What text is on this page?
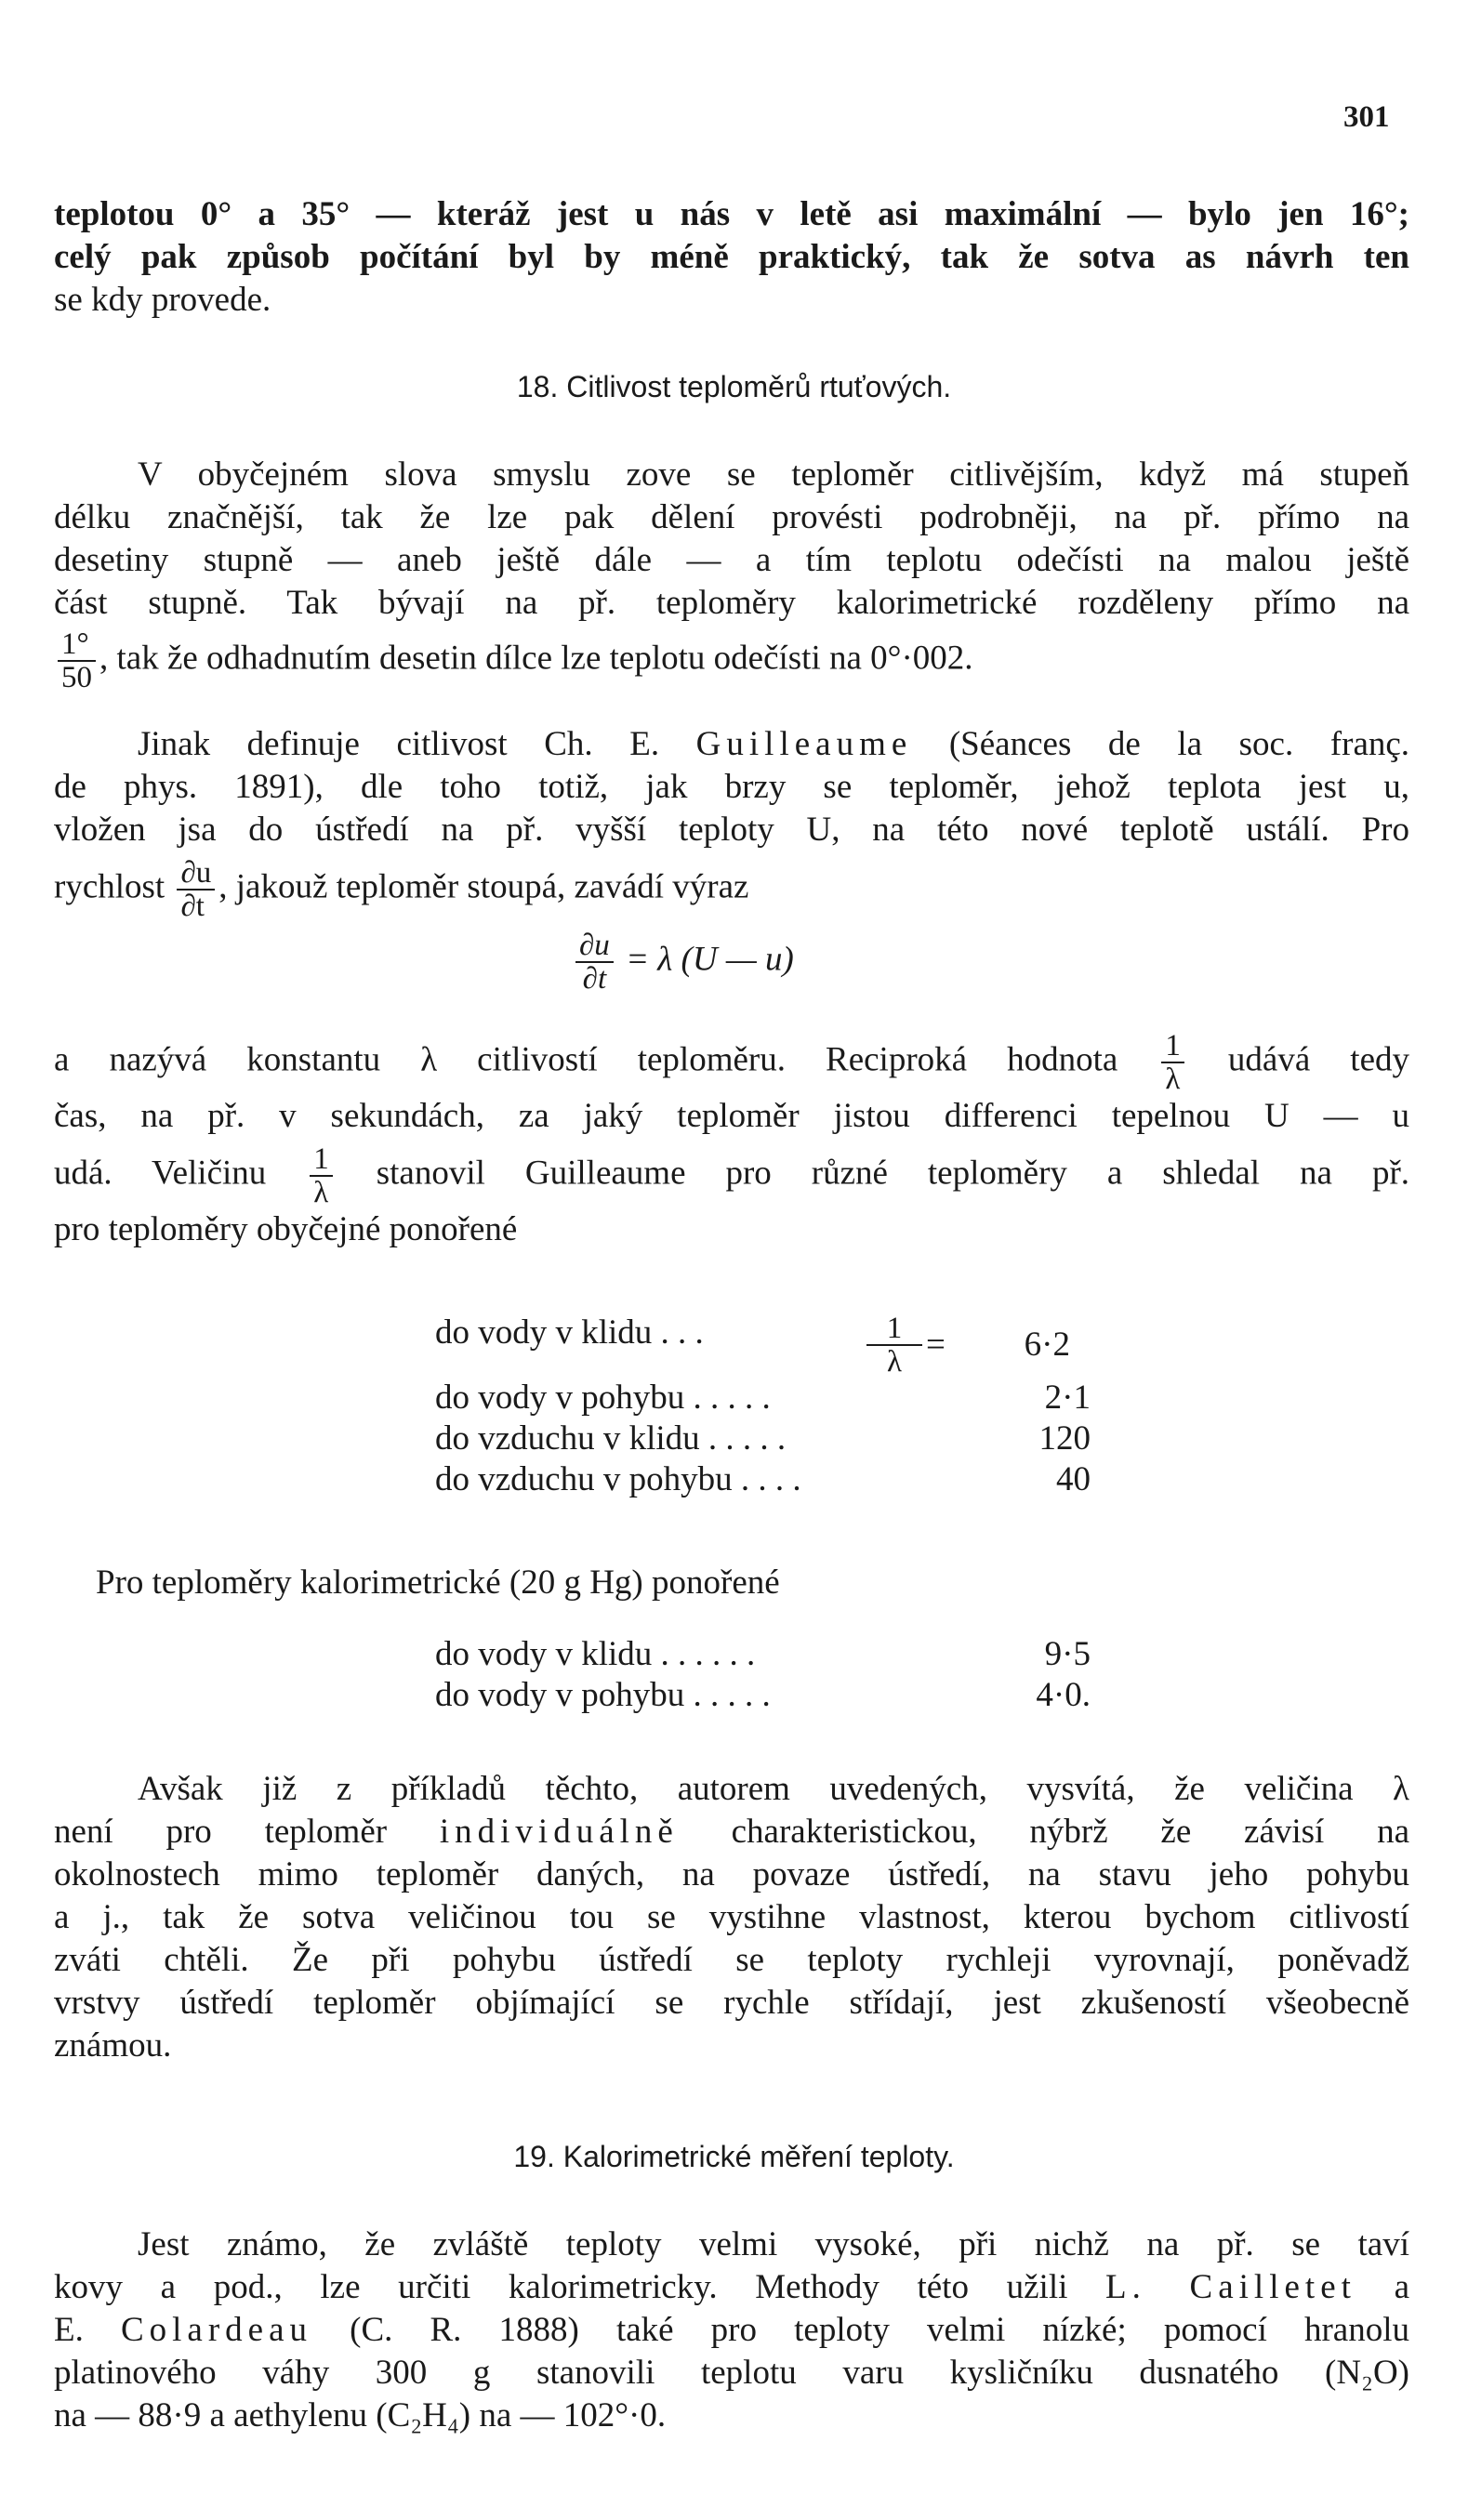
301

teplotou 0° a 35° — kteráž jest u nás v letě asi maximální — bylo jen 16°;
celý pak způsob počítání byl by méně praktický, tak že sotva as návrh ten
se kdy provede.

18. Citlivost teploměrů rtuťových.

V obyčejném slova smyslu zove se teploměr citlivějším, když má stupeň
délku značnější, tak že lze pak dělení provésti podrobněji, na př. přímo na
desetiny stupně — aneb ještě dále — a tím teplotu odečísti na malou ještě
část stupně. Tak bývají na př. teploměry kalorimetrické rozděleny přímo na
$\frac{1^\circ}{50}$ , tak že odhadnutím desetin dílce lze teplotu odečísti na 0°·002.

Jinak definuje citlivost Ch. E. Guilleaume (Séances de la soc. franç.
de phys. 1891), dle toho totiž, jak brzy se teploměr, jehož teplota jest u,
vložen jsa do ústředí na př. vyšší teploty U, na této nové teplotě ustálí. Pro
rychlost $\frac{\partial u}{\partial t}$ , jakouž teploměr stoupá, zavádí výraz

$\frac{\partial u}{\partial t} = \lambda$ (U — u)

a nazývá konstantu λ citlivostí teploměru. Reciproká hodnota $\frac{1}{\lambda}$ udává tedy
čas, na př. v sekundách, za jaký teploměr jistou differenci tepelnou U — u
udá. Veličinu $\frac{1}{\lambda}$ stanovil Guilleaume pro různé teploměry a shledal na př.
pro teploměry obyčejné ponořené

do vody v klidu . . .	$\frac{1}{\lambda}$ =	6·2
do vody v pohybu . . . . .	2·1
do vzduchu v klidu . . . . .	120
do vzduchu v pohybu . . . .	40

Pro teploměry kalorimetrické (20 g Hg) ponořené

do vody v klidu . . . . . .	9·5
do vody v pohybu . . . . .	4·0.

Avšak již z příkladů těchto, autorem uvedených, vysvítá, že veličina λ
není pro teploměr individuálně charakteristickou, nýbrž že závisí na
okolnostech mimo teploměr daných, na povaze ústředí, na stavu jeho pohybu
a j., tak že sotva veličinou tou se vystihne vlastnost, kterou bychom citlivostí
zváti chtěli. Že při pohybu ústředí se teploty rychleji vyrovnají, poněvadž
vrstvy ústředí teploměr objímající se rychle střídají, jest zkušeností všeobecně
známou.

19. Kalorimetrické měření teploty.

Jest známo, že zvláště teploty velmi vysoké, při nichž na př. se taví
kovy a pod., lze určiti kalorimetricky. Methody této užili L. Cailletet a
E. Colardeau (C. R. 1888) také pro teploty velmi nízké; pomocí hranolu
platinového váhy 300 g stanovili teplotu varu kysličníku dusnatého (N₂O)
na — 88·9 a aethylenu (C₂H₄) na — 102°·0.
